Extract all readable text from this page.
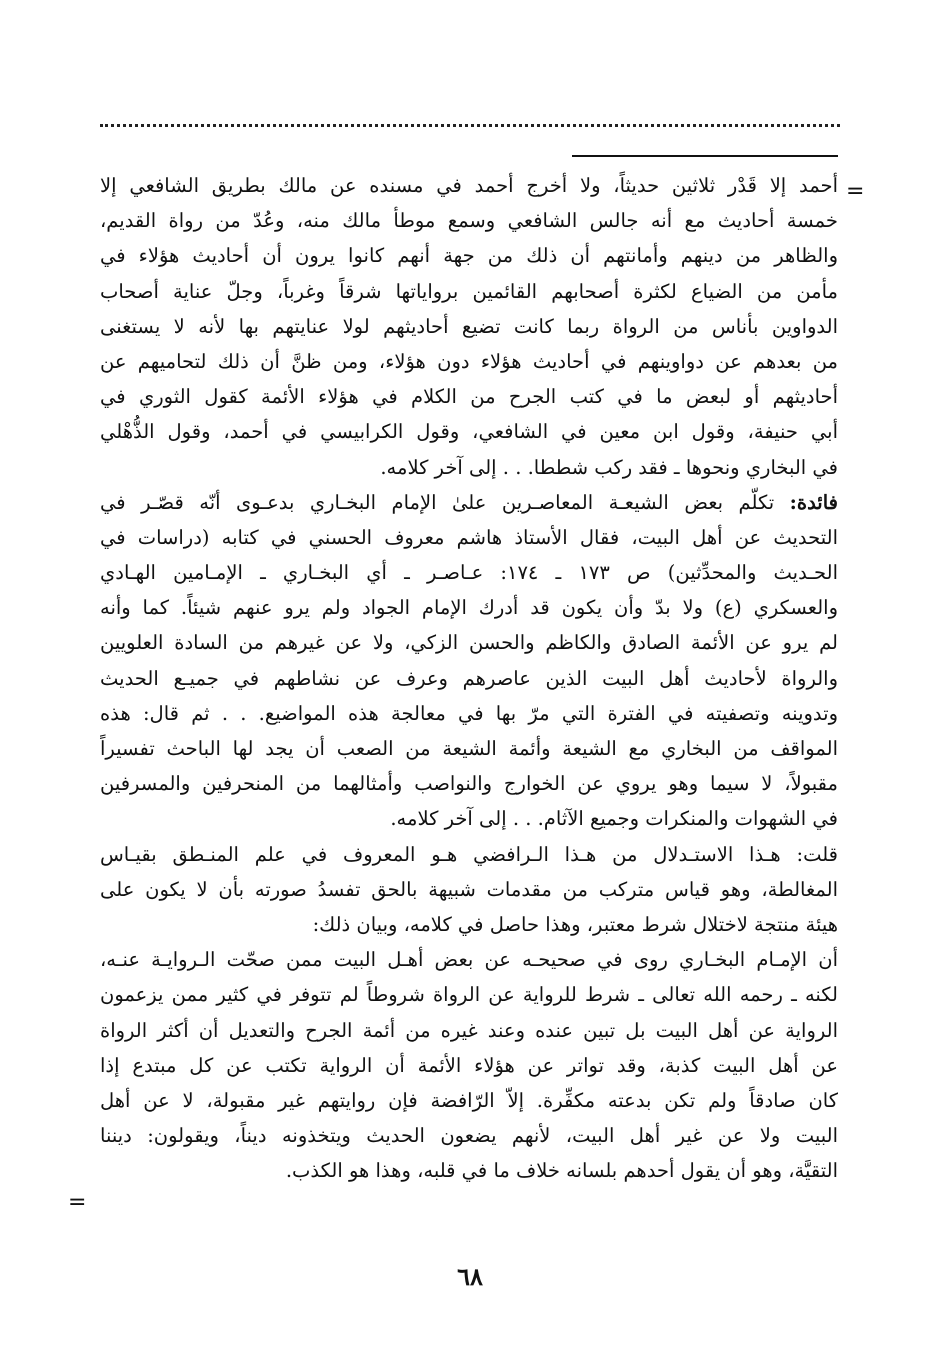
=
=
أحمد إلا قَدْر ثلاثين حديثاً، ولا أخرج أحمد في مسنده عن مالك بطريق الشافعي إلا
خمسة أحاديث مع أنه جالس الشافعي وسمع موطأ مالك منه، وعُدّ من رواة القديم،
والظاهر من دينهم وأمانتهم أن ذلك من جهة أنهم كانوا يرون أن أحاديث هؤلاء في
مأمن من الضياع لكثرة أصحابهم القائمين برواياتها شرقاً وغرباً، وجلّ عناية أصحاب
الدواوين بأناس من الرواة ربما كانت تضيع أحاديثهم لولا عنايتهم بها لأنه لا يستغنى
من بعدهم عن دواوينهم في أحاديث هؤلاء دون هؤلاء، ومن ظنَّ أن ذلك لتحاميهم عن
أحاديثهم أو لبعض ما في كتب الجرح من الكلام في هؤلاء الأئمة كقول الثوري في
أبي حنيفة، وقول ابن معين في الشافعي، وقول الكرابيسي في أحمد، وقول الذُّهْلي
في البخاري ونحوها ـ فقد ركب شططا. . . إلى آخر كلامه.
فائدة: تكلّم بعض الشيعـة المعاصـرين علىٰ الإمام البخـاري بدعـوى أنّه قصّـر في
التحديث عن أهل البيت، فقال الأستاذ هاشم معروف الحسني في كتابه (دراسات في
الحـديث والمحدِّثين) ص ١٧٣ ـ ١٧٤: عـاصـر ـ أي البخـاري ـ الإمـامين الهـادي
والعسكري (ع) ولا بدّ وأن يكون قد أدرك الإمام الجواد ولم يرو عنهم شيئاً. كما وأنه
لم يرو عن الأئمة الصادق والكاظم والحسن الزكي، ولا عن غيرهم من السادة العلويين
والرواة لأحاديث أهل البيت الذين عاصرهم وعرف عن نشاطهم في جميـع الحديث
وتدوينه وتصفيته في الفترة التي مرّ بها في معالجة هذه المواضيع. . . ثم قال: هذه
المواقف من البخاري مع الشيعة وأئمة الشيعة من الصعب أن يجد لها الباحث تفسيراً
مقبولاً، لا سيما وهو يروي عن الخوارج والنواصب وأمثالهما من المنحرفين والمسرفين
في الشهوات والمنكرات وجميع الآثام. . . إلى آخر كلامه.
قلت: هـذا الاستـدلال من هـذا الـرافضي هـو المعروف في علم المنـطق بقيـاس
المغالطة، وهو قياس متركب من مقدمات شبيهة بالحق تفسدُ صورته بأن لا يكون على
هيئة منتجة لاختلال شرط معتبر، وهذا حاصل في كلامه، وبيان ذلك:
أن الإمـام البخـاري روى في صحيحـه عن بعض أهـل البيت ممن صحّت الـروايـة عنـه،
لكنه ـ رحمه الله تعالى ـ شرط للرواية عن الرواة شروطاً لم تتوفر في كثير ممن يزعمون
الرواية عن أهل البيت بل تبين عنده وعند غيره من أئمة الجرح والتعديل أن أكثر الرواة
عن أهل البيت كذبة، وقد تواتر عن هؤلاء الأئمة أن الرواية تكتب عن كل مبتدع إذا
كان صادقاً ولم تكن بدعته مكفِّرة. إلاّ الرّافضة فإن روايتهم غير مقبولة، لا عن أهل
البيت ولا عن غير أهل البيت، لأنهم يضعون الحديث ويتخذونه ديناً، ويقولون: ديننا
التقيَّة، وهو أن يقول أحدهم بلسانه خلاف ما في قلبه، وهذا هو الكذب.
٦٨
